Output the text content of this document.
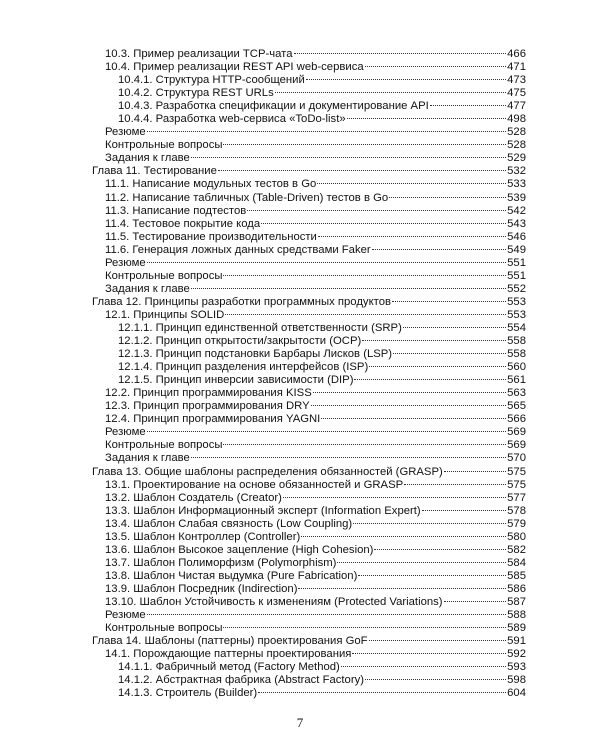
10.3. Пример реализации TCP-чата	466
10.4. Пример реализации REST API web-сервиса	471
10.4.1. Структура HTTP-сообщений	473
10.4.2. Структура REST URLs	475
10.4.3. Разработка спецификации и документирование API	477
10.4.4. Разработка web-сервиса «ToDo-list»	498
Резюме	528
Контрольные вопросы	528
Задания к главе	529
Глава 11. Тестирование	532
11.1. Написание модульных тестов в Go	533
11.2. Написание табличных (Table-Driven) тестов в Go	539
11.3. Написание подтестов	542
11.4. Тестовое покрытие кода	543
11.5. Тестирование производительности	546
11.6. Генерация ложных данных средствами Faker	549
Резюме	551
Контрольные вопросы	551
Задания к главе	552
Глава 12. Принципы разработки программных продуктов	553
12.1. Принципы SOLID	553
12.1.1. Принцип единственной ответственности (SRP)	554
12.1.2. Принцип открытости/закрытости (OCP)	558
12.1.3. Принцип подстановки Барбары Лисков (LSP)	558
12.1.4. Принцип разделения интерфейсов (ISP)	560
12.1.5. Принцип инверсии зависимости (DIP)	561
12.2. Принцип программирования KISS	563
12.3. Принцип программирования DRY	565
12.4. Принцип программирования YAGNI	566
Резюме	569
Контрольные вопросы	569
Задания к главе	570
Глава 13. Общие шаблоны распределения обязанностей (GRASP)	575
13.1. Проектирование на основе обязанностей и GRASP	575
13.2. Шаблон Создатель (Creator)	577
13.3. Шаблон Информационный эксперт (Information Expert)	578
13.4. Шаблон Слабая связность (Low Coupling)	579
13.5. Шаблон Контроллер (Controller)	580
13.6. Шаблон Высокое зацепление (High Cohesion)	582
13.7. Шаблон Полиморфизм (Polymorphism)	584
13.8. Шаблон Чистая выдумка (Pure Fabrication)	585
13.9. Шаблон Посредник (Indirection)	586
13.10. Шаблон Устойчивость к изменениям (Protected Variations)	587
Резюме	588
Контрольные вопросы	589
Глава 14. Шаблоны (паттерны) проектирования GoF	591
14.1. Порождающие паттерны проектирования	592
14.1.1. Фабричный метод (Factory Method)	593
14.1.2. Абстрактная фабрика (Abstract Factory)	598
14.1.3. Строитель (Builder)	604
7
